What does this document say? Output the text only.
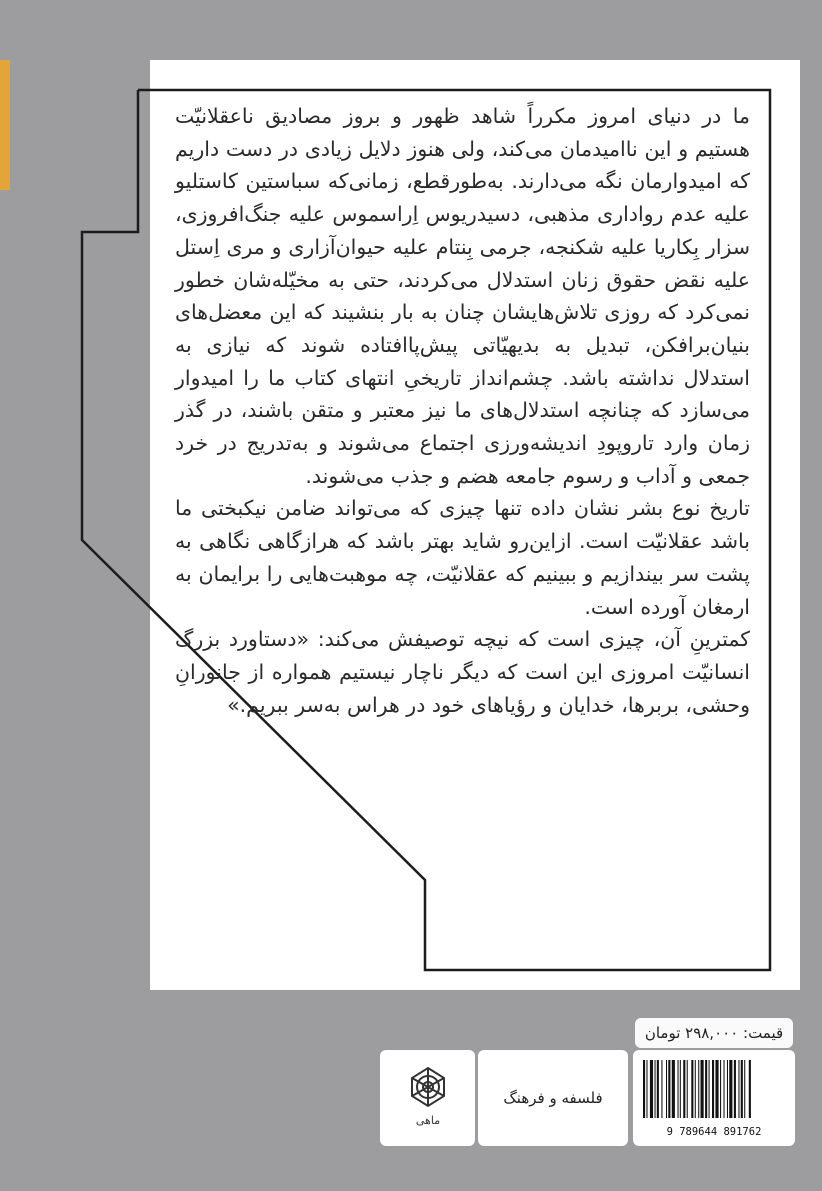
ما در دنیای امروز مکرراً شاهد ظهور و بروز مصادیق ناعقلانیّت هستیم و این ناامیدمان می‌کند، ولی هنوز دلایل زیادی در دست داریم که امیدوارمان نگه می‌دارند. به‌طورقطع، زمانی‌که سباستین کاستلیو علیه عدم رواداری مذهبی، دسیدریوس اِراسموس علیه جنگ‌افروزی، سزار بِکاریا علیه شکنجه، جرمی بِنتام علیه حیوان‌آزاری و مری اِستل علیه نقض حقوق زنان استدلال می‌کردند، حتی به مخیّله‌شان خطور نمی‌کرد که روزی تلاش‌هایشان چنان به بار بنشیند که این معضل‌های بنیان‌برافکن، تبدیل به بدیهیّاتی پیش‌پاافتاده شوند که نیازی به استدلال نداشته باشد. چشم‌انداز تاریخیِ انتهای کتاب ما را امیدوار می‌سازد که چنانچه استدلال‌های ما نیز معتبر و متقن باشند، در گذر زمان وارد تاروپودِ اندیشه‌ورزی اجتماع می‌شوند و به‌تدریج در خرد جمعی و آداب و رسوم جامعه هضم و جذب می‌شوند.

تاریخ نوع بشر نشان داده تنها چیزی که می‌تواند ضامن نیکبختی ما باشد عقلانیّت است. ازاین‌رو شاید بهتر باشد که هرازگاهی نگاهی به پشت سر بیندازیم و ببینیم که عقلانیّت، چه موهبت‌هایی را برایمان به ارمغان آورده است.

کمترینِ آن، چیزی است که نیچه توصیفش می‌کند: «دستاورد بزرگ انسانیّت امروزی این است که دیگر ناچار نیستیم همواره از جانورانِ وحشی، بربرها، خدایان و رؤیاهای خود در هراس به‌سر ببریم.»

قیمت: ۲۹۸,۰۰۰ تومان
ماهی
فلسفه و فرهنگ
9 789644 891762
